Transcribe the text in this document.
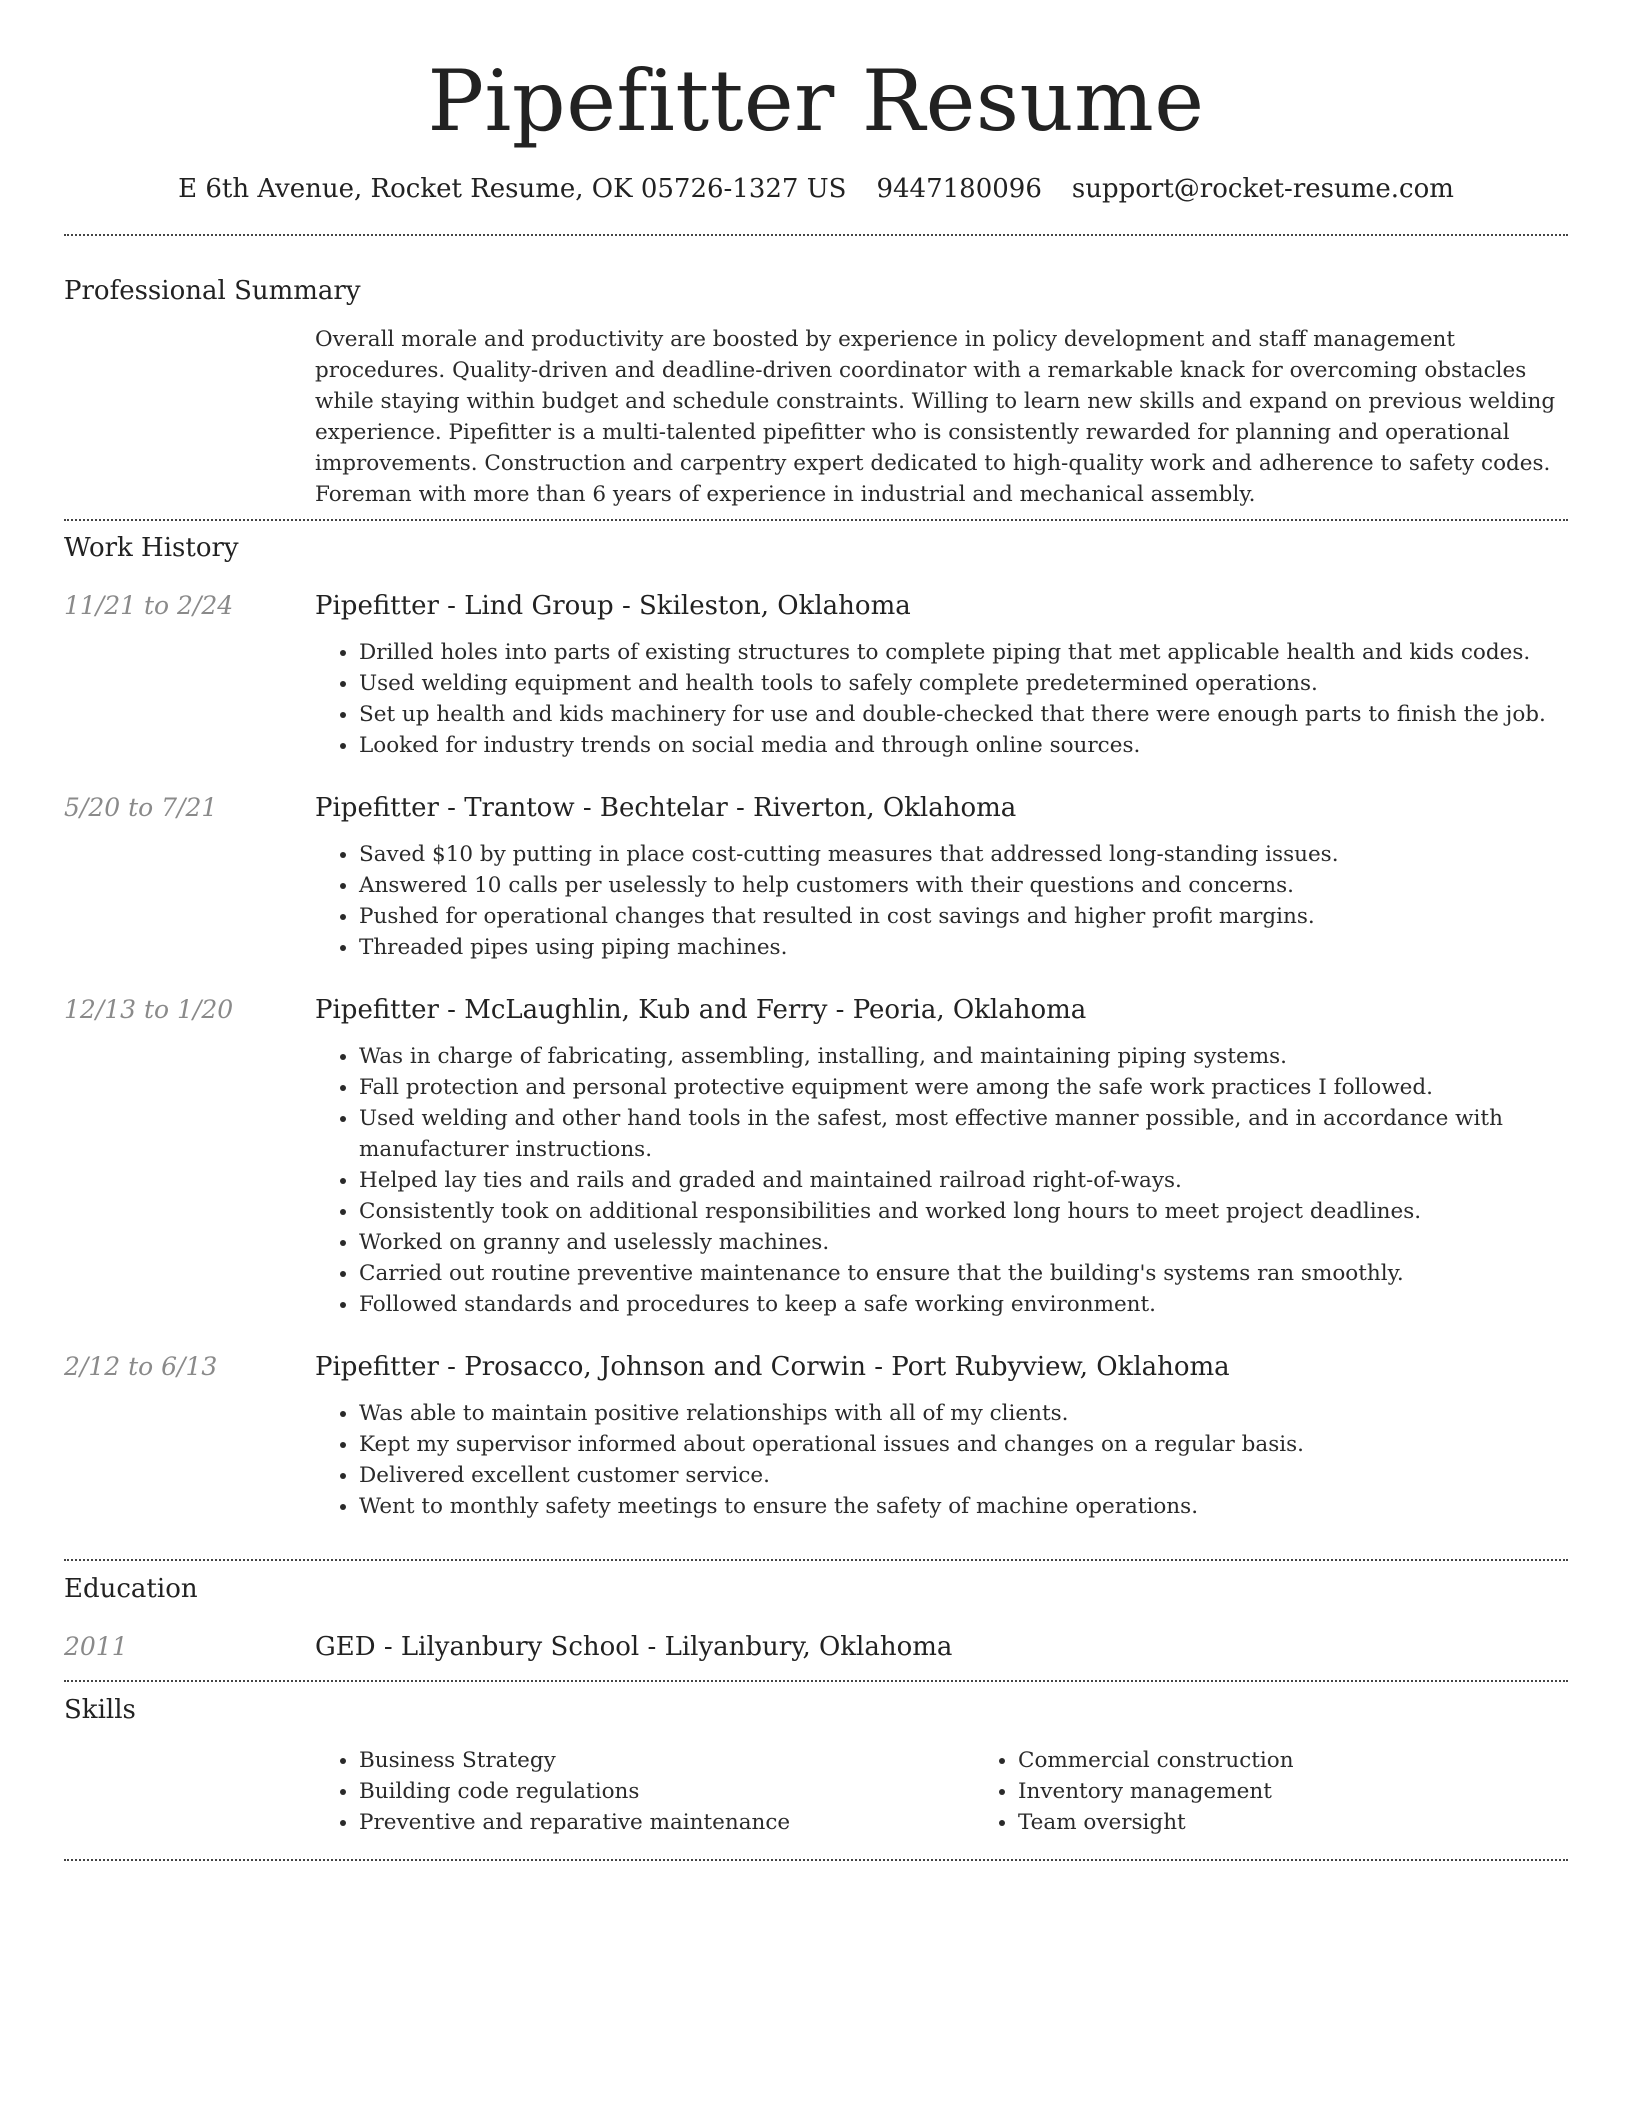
Pipefitter Resume
E 6th Avenue, Rocket Resume, OK 05726-1327 US 9447180096 support@rocket-resume.com
Professional Summary

Overall morale and productivity are boosted by experience in policy development and staff management procedures. Quality-driven and deadline-driven coordinator with a remarkable knack for overcoming obstacles while staying within budget and schedule constraints. Willing to learn new skills and expand on previous welding experience. Pipefitter is a multi-talented pipefitter who is consistently rewarded for planning and operational improvements. Construction and carpentry expert dedicated to high-quality work and adherence to safety codes. Foreman with more than 6 years of experience in industrial and mechanical assembly.

Work History
11/21 to 2/24	Pipefitter - Lind Group - Skileston, Oklahoma
• Drilled holes into parts of existing structures to complete piping that met applicable health and kids codes.
• Used welding equipment and health tools to safely complete predetermined operations.
• Set up health and kids machinery for use and double-checked that there were enough parts to finish the job.
• Looked for industry trends on social media and through online sources.
5/20 to 7/21	Pipefitter - Trantow - Bechtelar - Riverton, Oklahoma
• Saved $10 by putting in place cost-cutting measures that addressed long-standing issues.
• Answered 10 calls per uselessly to help customers with their questions and concerns.
• Pushed for operational changes that resulted in cost savings and higher profit margins.
• Threaded pipes using piping machines.
12/13 to 1/20	Pipefitter - McLaughlin, Kub and Ferry - Peoria, Oklahoma
• Was in charge of fabricating, assembling, installing, and maintaining piping systems.
• Fall protection and personal protective equipment were among the safe work practices I followed.
• Used welding and other hand tools in the safest, most effective manner possible, and in accordance with manufacturer instructions.
• Helped lay ties and rails and graded and maintained railroad right-of-ways.
• Consistently took on additional responsibilities and worked long hours to meet project deadlines.
• Worked on granny and uselessly machines.
• Carried out routine preventive maintenance to ensure that the building's systems ran smoothly.
• Followed standards and procedures to keep a safe working environment.
2/12 to 6/13	Pipefitter - Prosacco, Johnson and Corwin - Port Rubyview, Oklahoma
• Was able to maintain positive relationships with all of my clients.
• Kept my supervisor informed about operational issues and changes on a regular basis.
• Delivered excellent customer service.
• Went to monthly safety meetings to ensure the safety of machine operations.
Education
2011	GED - Lilyanbury School - Lilyanbury, Oklahoma
Skills
• Business Strategy
• Building code regulations
• Preventive and reparative maintenance
• Commercial construction
• Inventory management
• Team oversight
